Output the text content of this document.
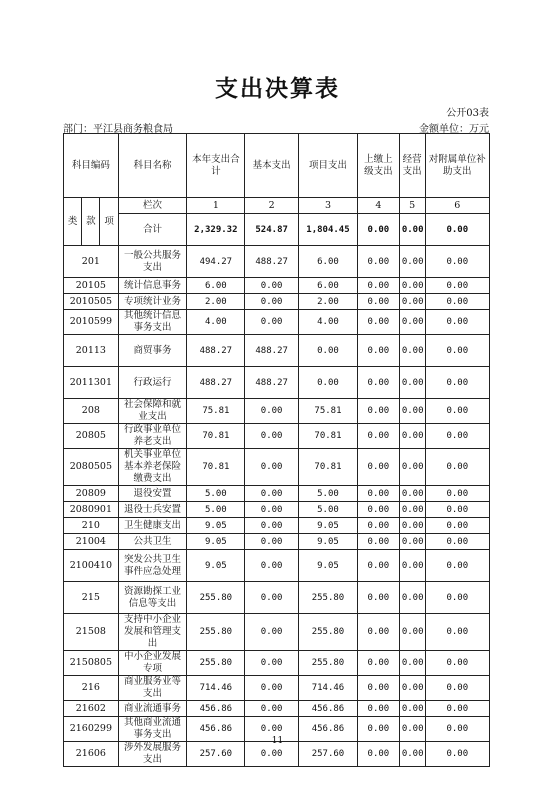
支出决算表
公开03表
部门：平江县商务粮食局	金额单位：万元
科目编码			科目名称	本年支出合计	基本支出	项目支出	上缴上级支出	经营支出	对附属单位补助支出
类	款	项	栏次	1	2	3	4	5	6
			合计	2,329.32	524.87	1,804.45	0.00	0.00	0.00
201			一般公共服务支出	494.27	488.27	6.00	0.00	0.00	0.00
20105			统计信息事务	6.00	0.00	6.00	0.00	0.00	0.00
2010505			专项统计业务	2.00	0.00	2.00	0.00	0.00	0.00
2010599			其他统计信息事务支出	4.00	0.00	4.00	0.00	0.00	0.00
20113			商贸事务	488.27	488.27	0.00	0.00	0.00	0.00
2011301			行政运行	488.27	488.27	0.00	0.00	0.00	0.00
208			社会保障和就业支出	75.81	0.00	75.81	0.00	0.00	0.00
20805			行政事业单位养老支出	70.81	0.00	70.81	0.00	0.00	0.00
2080505			机关事业单位基本养老保险缴费支出	70.81	0.00	70.81	0.00	0.00	0.00
20809			退役安置	5.00	0.00	5.00	0.00	0.00	0.00
2080901			退役士兵安置	5.00	0.00	5.00	0.00	0.00	0.00
210			卫生健康支出	9.05	0.00	9.05	0.00	0.00	0.00
21004			公共卫生	9.05	0.00	9.05	0.00	0.00	0.00
2100410			突发公共卫生事件应急处理	9.05	0.00	9.05	0.00	0.00	0.00
215			资源勘探工业信息等支出	255.80	0.00	255.80	0.00	0.00	0.00
21508			支持中小企业发展和管理支出	255.80	0.00	255.80	0.00	0.00	0.00
2150805			中小企业发展专项	255.80	0.00	255.80	0.00	0.00	0.00
216			商业服务业等支出	714.46	0.00	714.46	0.00	0.00	0.00
21602			商业流通事务	456.86	0.00	456.86	0.00	0.00	0.00
2160299			其他商业流通事务支出	456.86	0.00	456.86	0.00	0.00	0.00
21606			涉外发展服务支出	257.60	0.00	257.60	0.00	0.00	0.00
11
